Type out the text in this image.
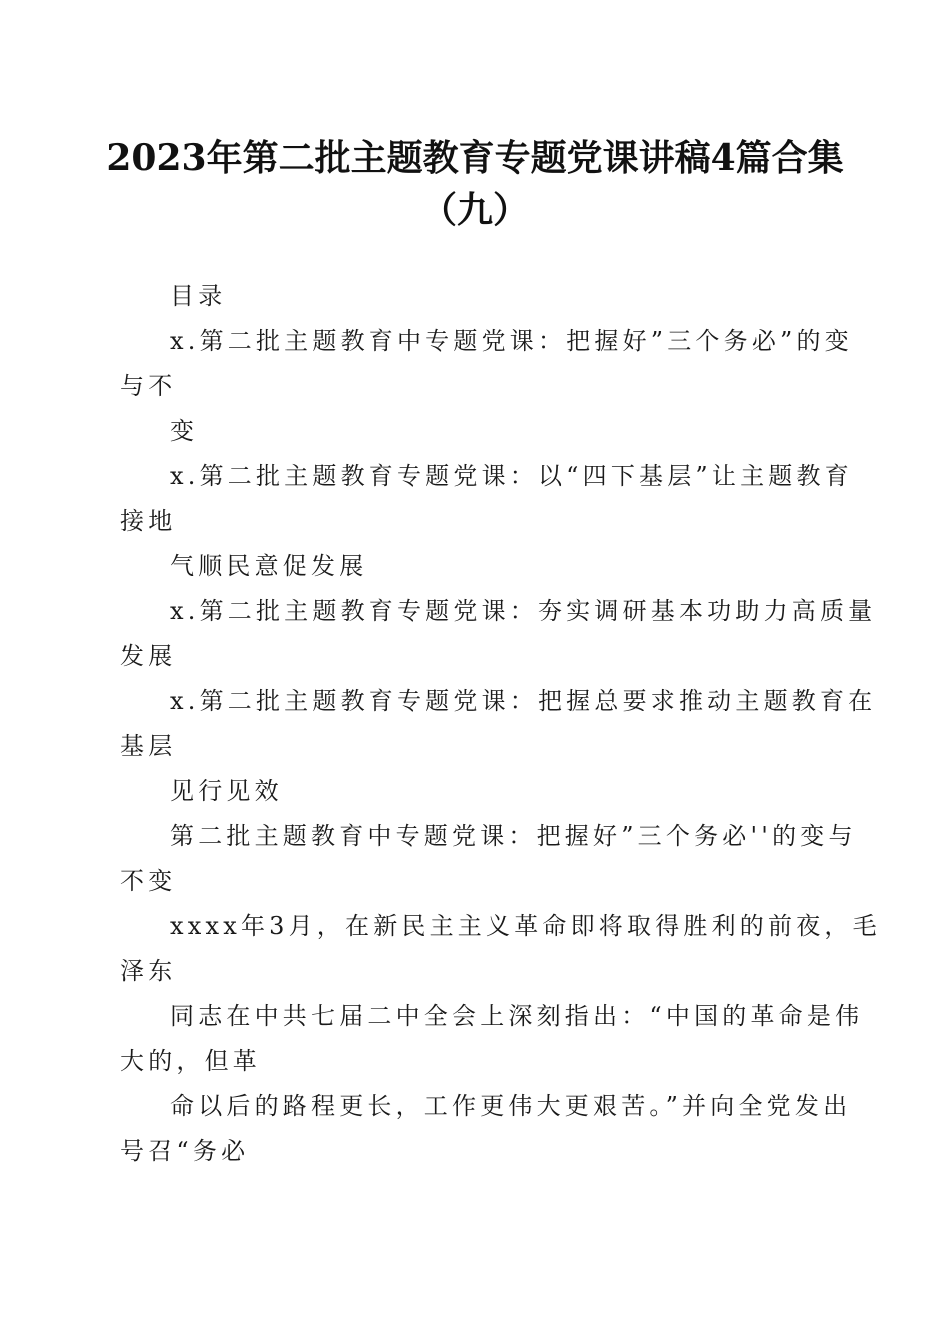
2023年第二批主题教育专题党课讲稿4篇合集
（九）
目录
x.第二批主题教育中专题党课：把握好”三个务必”的变
与不
变
x.第二批主题教育专题党课：以“四下基层”让主题教育
接地
气顺民意促发展
x.第二批主题教育专题党课：夯实调研基本功助力高质量
发展
x.第二批主题教育专题党课：把握总要求推动主题教育在
基层
见行见效
第二批主题教育中专题党课：把握好”三个务必''的变与
不变
xxxx年3月，在新民主主义革命即将取得胜利的前夜，毛
泽东
同志在中共七届二中全会上深刻指出：“中国的革命是伟
大的，但革
命以后的路程更长，工作更伟大更艰苦。”并向全党发出
号召“务必
